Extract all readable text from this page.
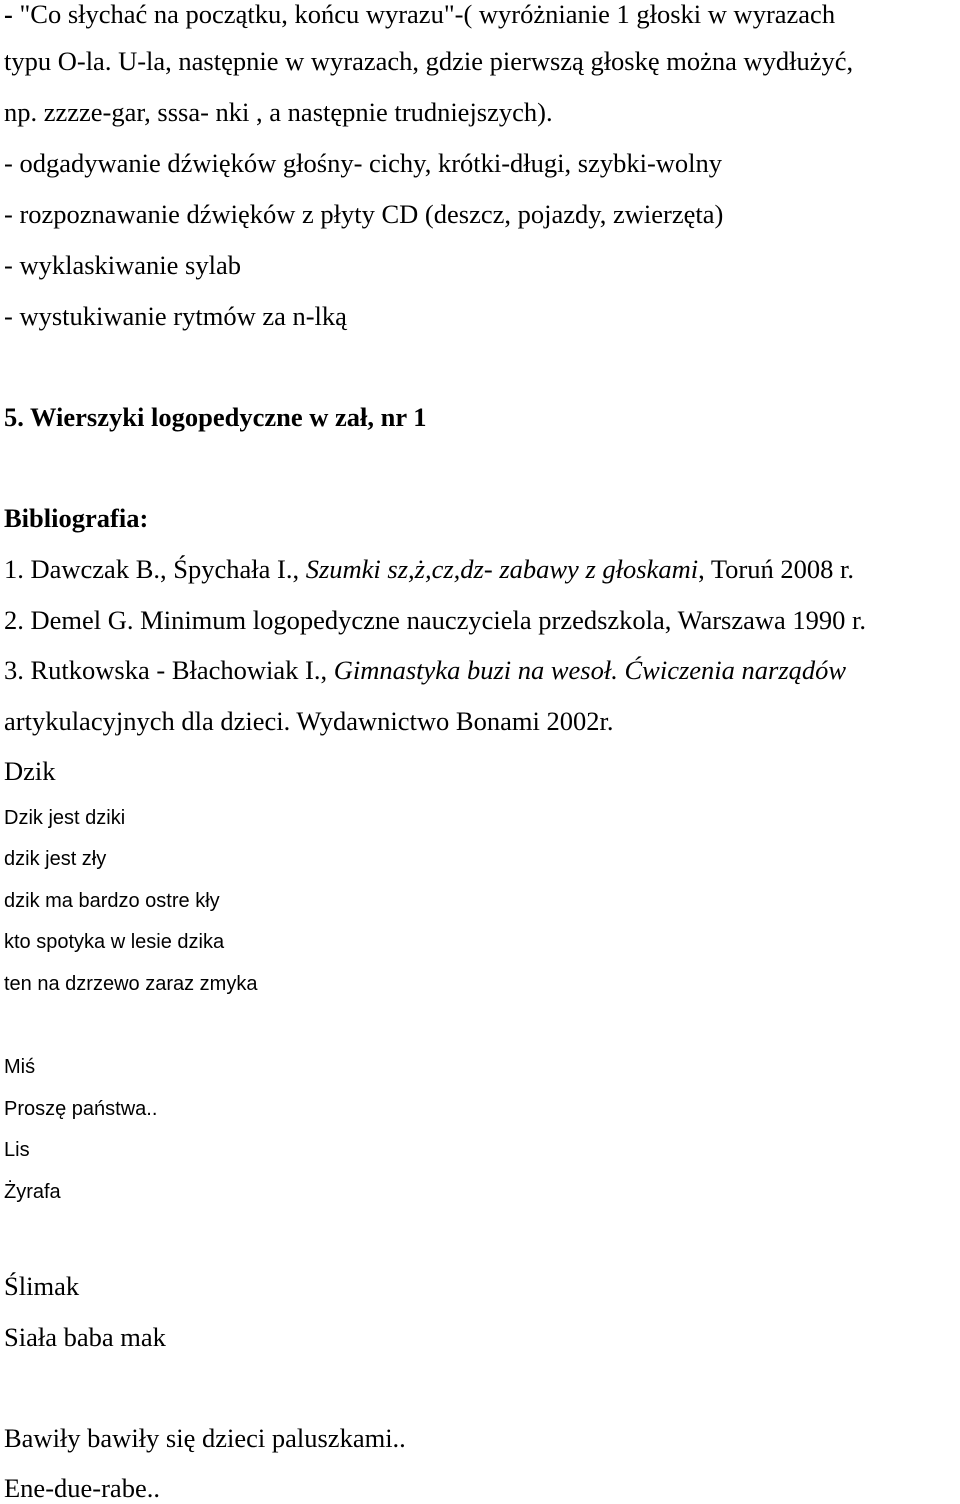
- "Co słychać na początku, końcu wyrazu"-( wyróżnianie 1 głoski w wyrazach

typu O-la. U-la, następnie w wyrazach, gdzie pierwszą głoskę można wydłużyć,

np. zzzze-gar, sssa- nki , a następnie trudniejszych).

- odgadywanie dźwięków głośny- cichy, krótki-długi, szybki-wolny

- rozpoznawanie dźwięków z płyty CD (deszcz, pojazdy, zwierzęta)

- wyklaskiwanie sylab

- wystukiwanie rytmów za n-lką

5. Wierszyki logopedyczne w zał, nr 1

Bibliografia:

1. Dawczak B., Śpychała I., Szumki sz,ż,cz,dz- zabawy z głoskami, Toruń 2008 r.

2. Demel G. Minimum logopedyczne nauczyciela przedszkola, Warszawa 1990 r.

3. Rutkowska - Błachowiak I., Gimnastyka buzi na wesoł. Ćwiczenia narządów

artykulacyjnych dla dzieci. Wydawnictwo Bonami 2002r.

Dzik

Dzik jest dziki

dzik jest zły

dzik ma bardzo ostre kły

kto spotyka w lesie dzika

ten na dzrzewo zaraz zmyka

Miś

Proszę państwa..

Lis

Żyrafa

Ślimak

Siała baba mak

Bawiły bawiły się dzieci paluszkami..

Ene-due-rabe..
